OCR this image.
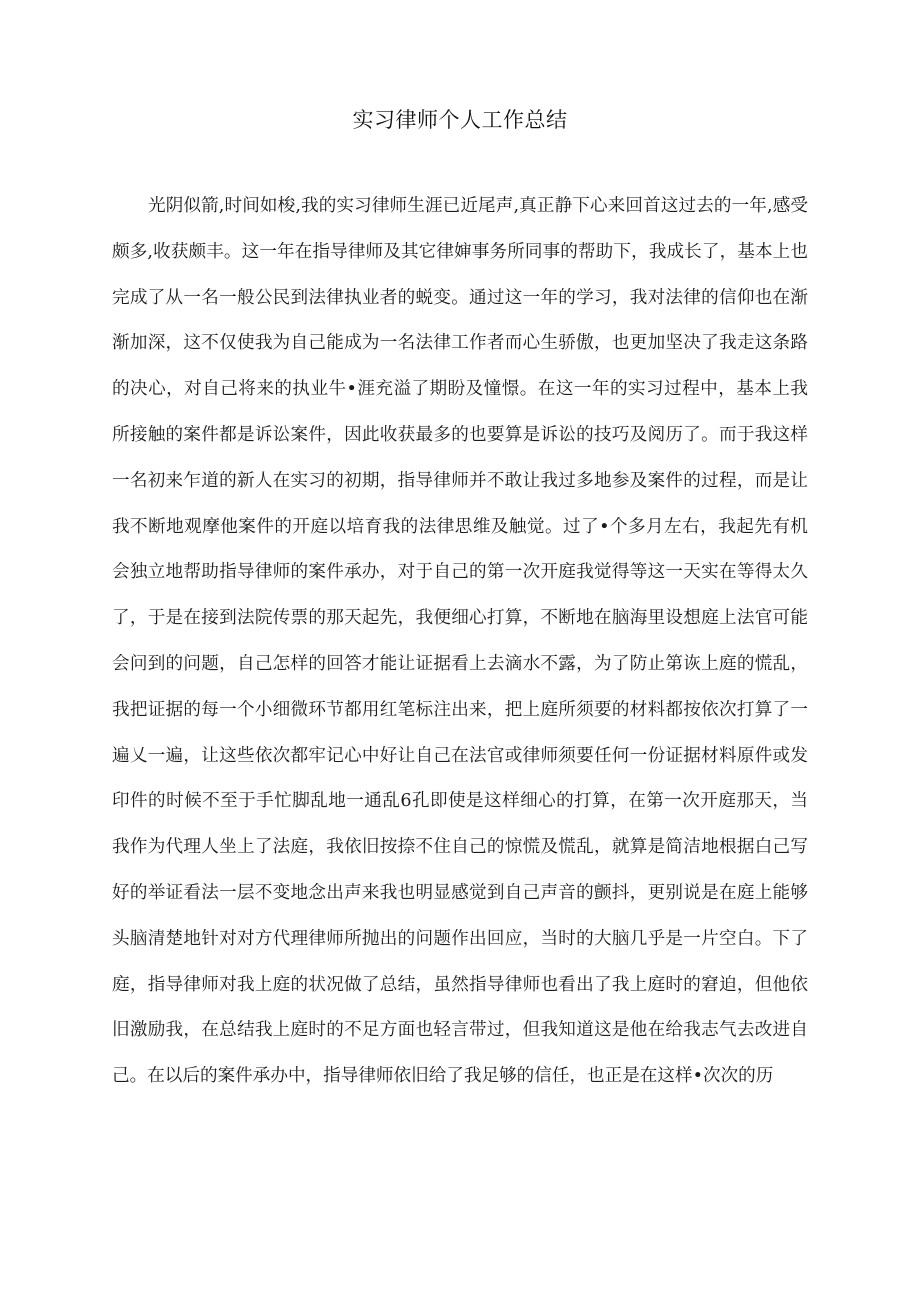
实习律师个人工作总结

光阴似箭,时间如梭,我的实习律师生涯已近尾声,真正静下心来回首这过去的一年,感受颇多,收获颇丰。这一年在指导律师及其它律婶事务所同事的帮助下，我成长了，基本上也完成了从一名一般公民到法律执业者的蜕变。通过这一年的学习，我对法律的信仰也在渐渐加深，这不仅使我为自己能成为一名法律工作者而心生骄傲，也更加坚决了我走这条路的决心，对自己将来的执业牛•涯充溢了期盼及憧憬。在这一年的实习过程中，基本上我所接触的案件都是诉讼案件，因此收获最多的也要算是诉讼的技巧及阅历了。而于我这样一名初来乍道的新人在实习的初期，指导律师并不敢让我过多地参及案件的过程，而是让我不断地观摩他案件的开庭以培育我的法律思维及触觉。过了•个多月左右，我起先有机会独立地帮助指导律师的案件承办，对于自己的第一次开庭我觉得等这一天实在等得太久了，于是在接到法院传票的那天起先，我便细心打算，不断地在脑海里设想庭上法官可能会问到的问题，自己怎样的回答才能让证据看上去滴水不露，为了防止第诙上庭的慌乱，我把证据的每一个小细微环节都用红笔标注出来，把上庭所须要的材料都按依次打算了一遍乂一遍，让这些依次都牢记心中好让自己在法官或律师须要任何一份证据材料原件或发印件的时候不至于手忙脚乱地一通乱6孔即使是这样细心的打算，在第一次开庭那天，当我作为代理人坐上了法庭，我依旧按捺不住自己的惊慌及慌乱，就算是简洁地根据白己写好的举证看法一层不变地念出声来我也明显感觉到自己声音的颤抖，更别说是在庭上能够头脑清楚地针对对方代理律师所抛出的问题作出回应，当时的大脑几乎是一片空白。下了庭，指导律师对我上庭的状况做了总结，虽然指导律师也看出了我上庭时的窘迫，但他依旧激励我，在总结我上庭时的不足方面也轻言带过，但我知道这是他在给我志气去改进自己。在以后的案件承办中，指导律师依旧给了我足够的信任，也正是在这样•次次的历
